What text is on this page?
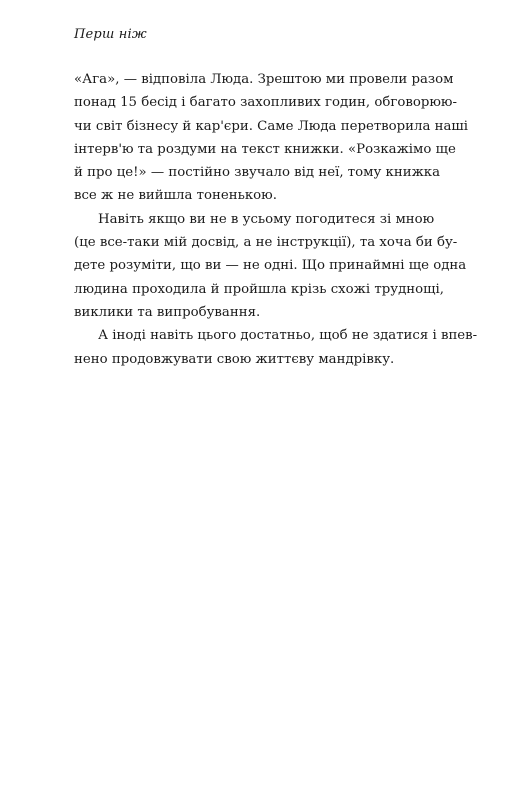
Перш ніж
«Ага», — відповіла Люда. Зрештою ми провели разом
понад 15 бесід і багато захопливих годин, обговорюю-
чи світ бізнесу й кар'єри. Саме Люда перетворила наші
інтерв'ю та роздуми на текст книжки. «Розкажімо ще
й про це!» — постійно звучало від неї, тому книжка
все ж не вийшла тоненькою.
Навіть якщо ви не в усьому погодитеся зі мною
(це все-таки мій досвід, а не інструкції), та хоча би бу-
дете розуміти, що ви — не одні. Що принаймні ще одна
людина проходила й пройшла крізь схожі труднощі,
виклики та випробування.
А іноді навіть цього достатньо, щоб не здатися і впев-
нено продовжувати свою життєву мандрівку.
